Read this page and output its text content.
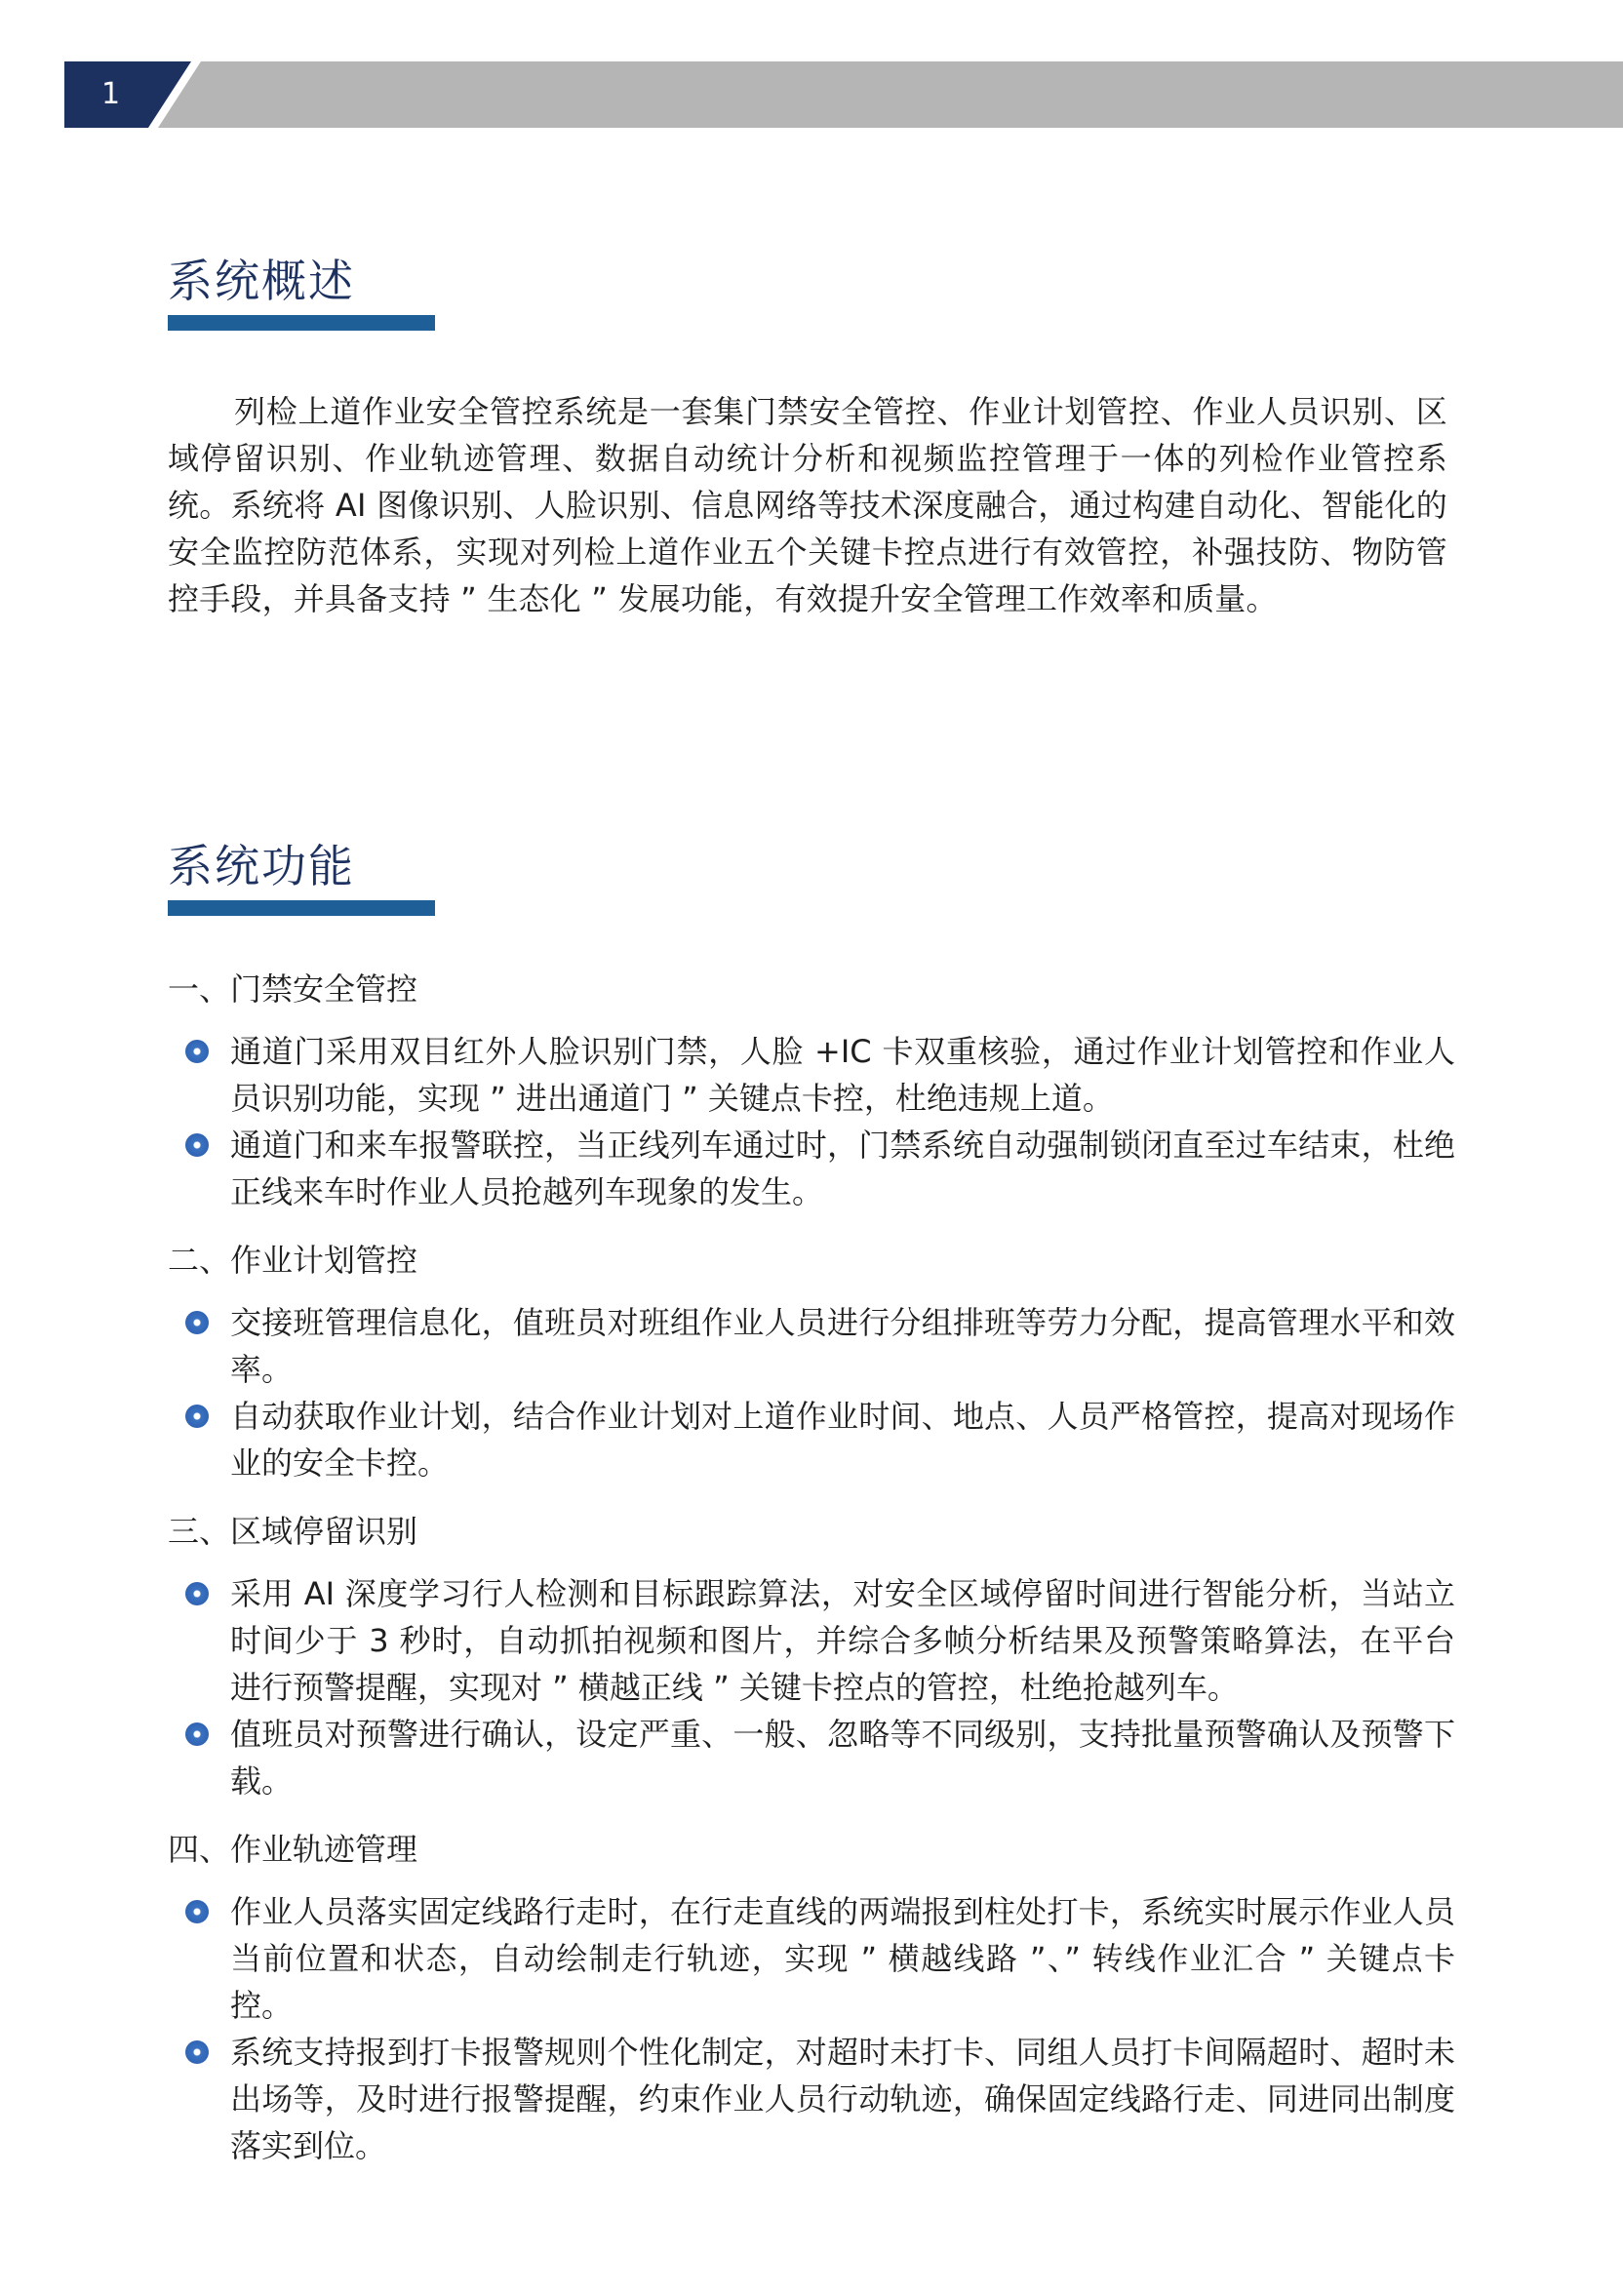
1
系统概述

列检上道作业安全管控系统是一套集门禁安全管控、作业计划管控、作业人员识别、区域停留识别、作业轨迹管理、数据自动统计分析和视频监控管理于一体的列检作业管控系统。系统将 AI 图像识别、人脸识别、信息网络等技术深度融合，通过构建自动化、智能化的安全监控防范体系，实现对列检上道作业五个关键卡控点进行有效管控，补强技防、物防管控手段，并具备支持 ” 生态化 ” 发展功能，有效提升安全管理工作效率和质量。

系统功能
一、门禁安全管控
通道门采用双目红外人脸识别门禁，人脸 +IC 卡双重核验，通过作业计划管控和作业人员识别功能，实现 ” 进出通道门 ” 关键点卡控，杜绝违规上道。
通道门和来车报警联控，当正线列车通过时，门禁系统自动强制锁闭直至过车结束，杜绝正线来车时作业人员抢越列车现象的发生。
二、作业计划管控
交接班管理信息化，值班员对班组作业人员进行分组排班等劳力分配，提高管理水平和效率。
自动获取作业计划，结合作业计划对上道作业时间、地点、人员严格管控，提高对现场作业的安全卡控。
三、区域停留识别
采用 AI 深度学习行人检测和目标跟踪算法，对安全区域停留时间进行智能分析，当站立时间少于 3 秒时，自动抓拍视频和图片，并综合多帧分析结果及预警策略算法，在平台进行预警提醒，实现对 ” 横越正线 ” 关键卡控点的管控，杜绝抢越列车。
值班员对预警进行确认，设定严重、一般、忽略等不同级别，支持批量预警确认及预警下载。
四、作业轨迹管理
作业人员落实固定线路行走时，在行走直线的两端报到柱处打卡，系统实时展示作业人员当前位置和状态，自动绘制走行轨迹，实现 ” 横越线路 ”、” 转线作业汇合 ” 关键点卡控。
系统支持报到打卡报警规则个性化制定，对超时未打卡、同组人员打卡间隔超时、超时未出场等，及时进行报警提醒，约束作业人员行动轨迹，确保固定线路行走、同进同出制度落实到位。
